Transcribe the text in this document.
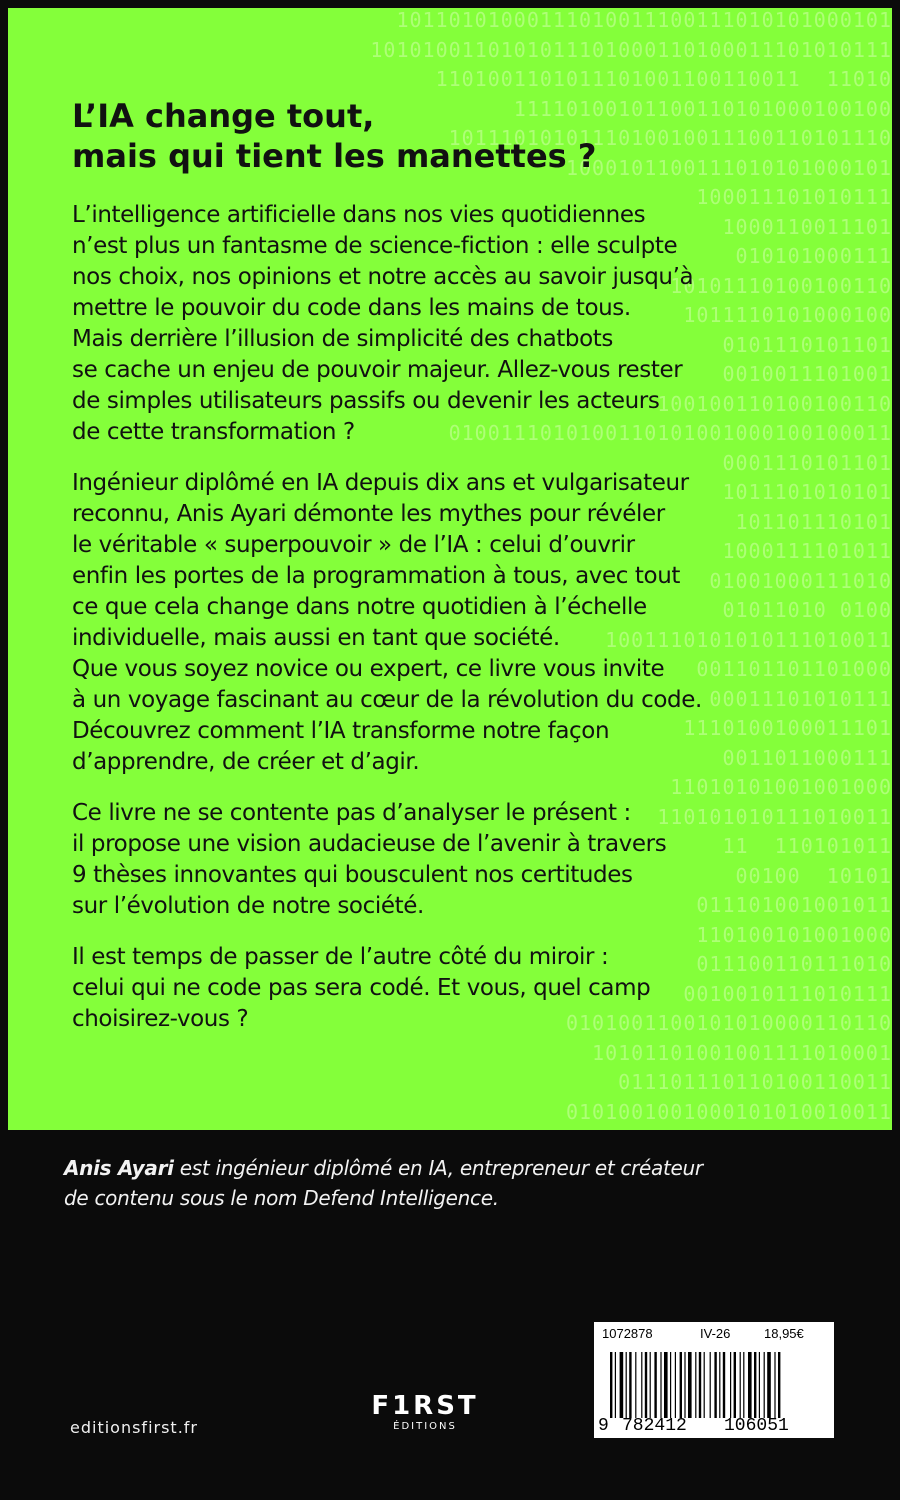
10110101000111010011100111010101000101
1010100110101011101000110100011101010111
1101001101011101001100110011  11010
11110100101100110101000100100
1011101010111010010011100110101110
1000101100111010101000101
100011101010111
1000110011101
010101000111
10101110100100110
1011110101000100
0101110101101
0010011101001
100100110100100110
0100111010100110101001000100100011
0001110101101
1011101010101
101101110101
1000111101011
01001000111010
01011010 0100
1001110101010111010011
001101101101000
00011101010111
1110100100011101
0011011000111
11010101001001000
110101010111010011
11  110101011
00100  10101
011101001001011
110100101001000
011100110111010
0010010111010111
0101001100101010000110110
10101101001001111010001
011101110110100110011
0101001001000101010010011
L’IA change tout,
mais qui tient les manettes ?
L’intelligence artificielle dans nos vies quotidiennes
n’est plus un fantasme de science-fiction : elle sculpte
nos choix, nos opinions et notre accès au savoir jusqu’à
mettre le pouvoir du code dans les mains de tous.
Mais derrière l’illusion de simplicité des chatbots
se cache un enjeu de pouvoir majeur. Allez-vous rester
de simples utilisateurs passifs ou devenir les acteurs
de cette transformation ?
Ingénieur diplômé en IA depuis dix ans et vulgarisateur
reconnu, Anis Ayari démonte les mythes pour révéler
le véritable « superpouvoir » de l’IA : celui d’ouvrir
enfin les portes de la programmation à tous, avec tout
ce que cela change dans notre quotidien à l’échelle
individuelle, mais aussi en tant que société.
Que vous soyez novice ou expert, ce livre vous invite
à un voyage fascinant au cœur de la révolution du code.
Découvrez comment l’IA transforme notre façon
d’apprendre, de créer et d’agir.
Ce livre ne se contente pas d’analyser le présent :
il propose une vision audacieuse de l’avenir à travers
9 thèses innovantes qui bousculent nos certitudes
sur l’évolution de notre société.
Il est temps de passer de l’autre côté du miroir :
celui qui ne code pas sera codé. Et vous, quel camp
choisirez-vous ?
Anis Ayari est ingénieur diplômé en IA, entrepreneur et créateur
de contenu sous le nom Defend Intelligence.
editionsfirst.fr
F1RST
ÉDITIONS
1072878	IV-26	18,95€
9 782412 106051
